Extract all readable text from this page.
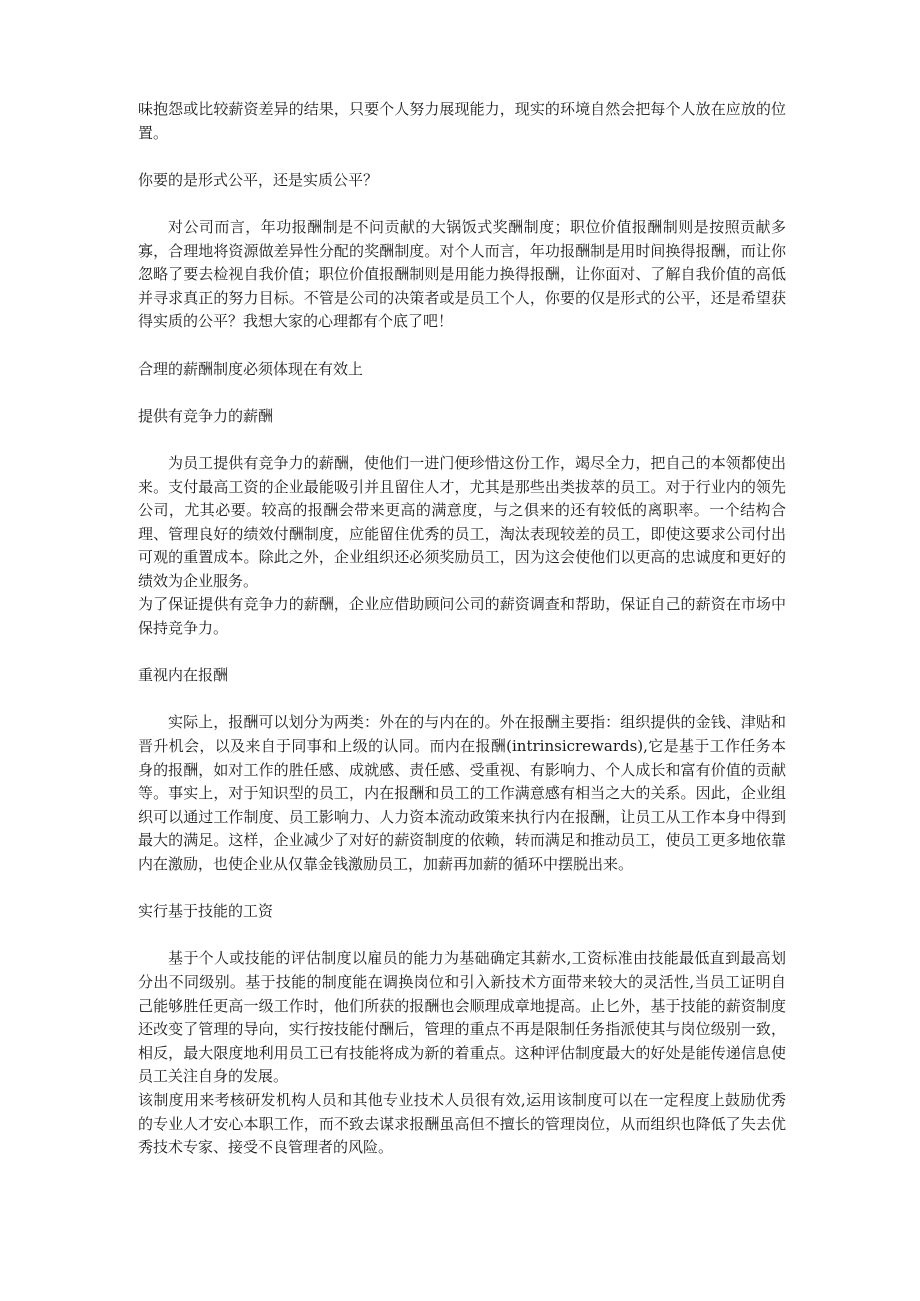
味抱怨或比较薪资差异的结果，只要个人努力展现能力，现实的环境自然会把每个人放在应放的位置。

你要的是形式公平，还是实质公平？

对公司而言，年功报酬制是不问贡献的大锅饭式奖酬制度；职位价值报酬制则是按照贡献多寡，合理地将资源做差异性分配的奖酬制度。对个人而言，年功报酬制是用时间换得报酬，而让你忽略了要去检视自我价值；职位价值报酬制则是用能力换得报酬，让你面对、了解自我价值的高低并寻求真正的努力目标。不管是公司的决策者或是员工个人，你要的仅是形式的公平，还是希望获得实质的公平？我想大家的心理都有个底了吧！

合理的薪酬制度必须体现在有效上

提供有竞争力的薪酬

为员工提供有竞争力的薪酬，使他们一进门便珍惜这份工作，竭尽全力，把自己的本领都使出来。支付最高工资的企业最能吸引并且留住人才，尤其是那些出类拔萃的员工。对于行业内的领先公司，尤其必要。较高的报酬会带来更高的满意度，与之俱来的还有较低的离职率。一个结构合理、管理良好的绩效付酬制度，应能留住优秀的员工，淘汰表现较差的员工，即使这要求公司付出可观的重置成本。除此之外，企业组织还必须奖励员工，因为这会使他们以更高的忠诚度和更好的绩效为企业服务。

为了保证提供有竞争力的薪酬，企业应借助顾问公司的薪资调查和帮助，保证自己的薪资在市场中保持竞争力。

重视内在报酬

实际上，报酬可以划分为两类：外在的与内在的。外在报酬主要指：组织提供的金钱、津贴和晋升机会，以及来自于同事和上级的认同。而内在报酬(intrinsicrewards),它是基于工作任务本身的报酬，如对工作的胜任感、成就感、责任感、受重视、有影响力、个人成长和富有价值的贡献等。事实上，对于知识型的员工，内在报酬和员工的工作满意感有相当之大的关系。因此，企业组织可以通过工作制度、员工影响力、人力资本流动政策来执行内在报酬，让员工从工作本身中得到最大的满足。这样，企业减少了对好的薪资制度的依赖，转而满足和推动员工，使员工更多地依靠内在激励，也使企业从仅靠金钱激励员工，加薪再加薪的循环中摆脱出来。

实行基于技能的工资

基于个人或技能的评估制度以雇员的能力为基础确定其薪水,工资标准由技能最低直到最高划分出不同级别。基于技能的制度能在调换岗位和引入新技术方面带来较大的灵活性,当员工证明自己能够胜任更高一级工作时，他们所获的报酬也会顺理成章地提高。止匕外，基于技能的薪资制度还改变了管理的导向，实行按技能付酬后，管理的重点不再是限制任务指派使其与岗位级别一致，相反，最大限度地利用员工已有技能将成为新的着重点。这种评估制度最大的好处是能传递信息使员工关注自身的发展。

该制度用来考核研发机构人员和其他专业技术人员很有效,运用该制度可以在一定程度上鼓励优秀的专业人才安心本职工作，而不致去谋求报酬虽高但不擅长的管理岗位，从而组织也降低了失去优秀技术专家、接受不良管理者的风险。
